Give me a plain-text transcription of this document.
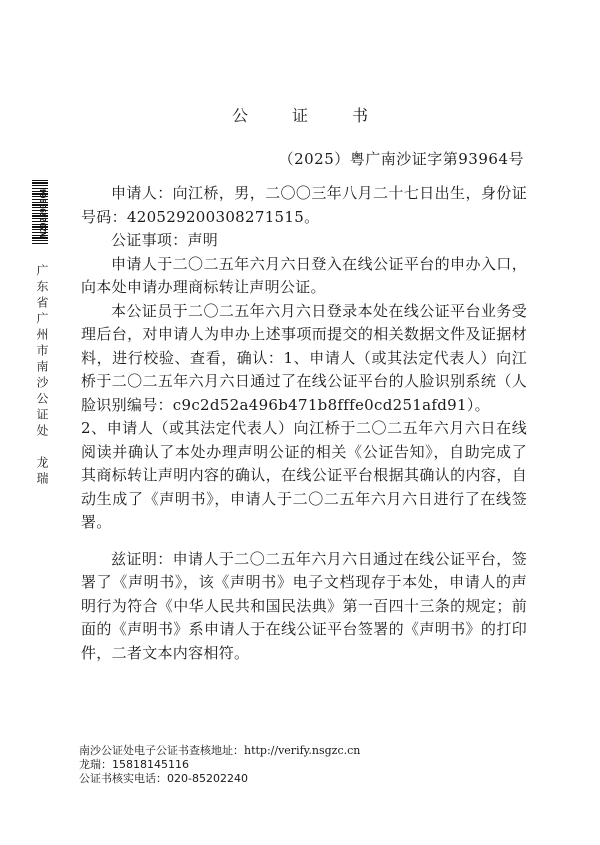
W202593964
广东省广州市南沙公证处　龙瑞
公　证　书
（2025）粤广南沙证字第93964号

申请人：向江桥，男，二〇〇三年八月二十七日出生，身份证号码：420529200308271515。

公证事项：声明

申请人于二〇二五年六月六日登入在线公证平台的申办入口，向本处申请办理商标转让声明公证。

本公证员于二〇二五年六月六日登录本处在线公证平台业务受理后台，对申请人为申办上述事项而提交的相关数据文件及证据材料，进行校验、查看，确认：1、申请人（或其法定代表人）向江桥于二〇二五年六月六日通过了在线公证平台的人脸识别系统（人脸识别编号：c9c2d52a496b471b8fffe0cd251afd91）。

2、申请人（或其法定代表人）向江桥于二〇二五年六月六日在线阅读并确认了本处办理声明公证的相关《公证告知》，自助完成了其商标转让声明内容的确认，在线公证平台根据其确认的内容，自动生成了《声明书》，申请人于二〇二五年六月六日进行了在线签署。

兹证明：申请人于二〇二五年六月六日通过在线公证平台，签署了《声明书》，该《声明书》电子文档现存于本处，申请人的声明行为符合《中华人民共和国民法典》第一百四十三条的规定；前面的《声明书》系申请人于在线公证平台签署的《声明书》的打印件，二者文本内容相符。

南沙公证处电子公证书查核地址：http://verify.nsgzc.cn
龙瑞：15818145116
公证书核实电话：020-85202240
